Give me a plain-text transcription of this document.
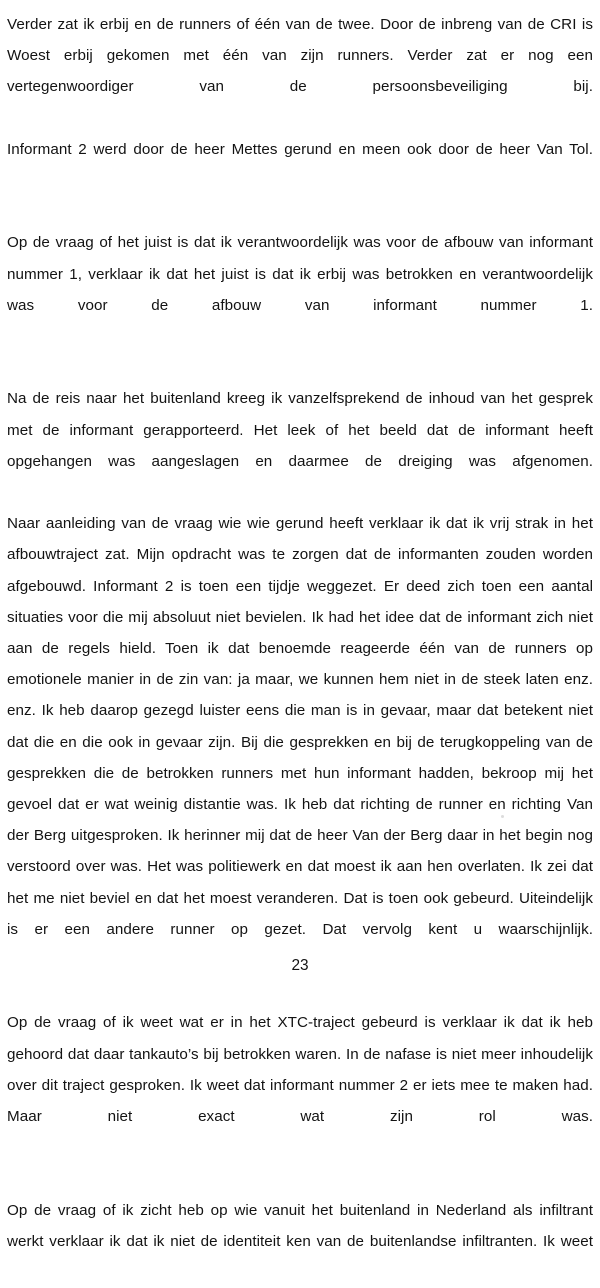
Verder zat ik erbij en de runners of één van de twee. Door de inbreng van de CRI is Woest erbij gekomen met één van zijn runners. Verder zat er nog een vertegenwoordiger van de persoonsbeveiliging bij.

Informant 2 werd door de heer Mettes gerund en meen ook door de heer Van Tol.

Op de vraag of het juist is dat ik verantwoordelijk was voor de afbouw van informant nummer 1, verklaar ik dat het juist is dat ik erbij was betrokken en verantwoordelijk was voor de afbouw van informant nummer 1.

Na de reis naar het buitenland kreeg ik vanzelfsprekend de inhoud van het gesprek met de informant gerapporteerd. Het leek of het beeld dat de informant heeft opgehangen was aangeslagen en daarmee de dreiging was afgenomen.

Naar aanleiding van de vraag wie wie gerund heeft verklaar ik dat ik vrij strak in het afbouwtraject zat. Mijn opdracht was te zorgen dat de informanten zouden worden afgebouwd. Informant 2 is toen een tijdje weggezet. Er deed zich toen een aantal situaties voor die mij absoluut niet bevielen. Ik had het idee dat de informant zich niet aan de regels hield. Toen ik dat benoemde reageerde één van de runners op emotionele manier in de zin van: ja maar, we kunnen hem niet in de steek laten enz. enz. Ik heb daarop gezegd luister eens die man is in gevaar, maar dat betekent niet dat die en die ook in gevaar zijn. Bij die gesprekken en bij de terugkoppeling van de gesprekken die de betrokken runners met hun informant hadden, bekroop mij het gevoel dat er wat weinig distantie was. Ik heb dat richting de runner en richting Van der Berg uitgesproken. Ik herinner mij dat de heer Van der Berg daar in het begin nog verstoord over was. Het was politiewerk en dat moest ik aan hen overlaten. Ik zei dat het me niet beviel en dat het moest veranderen. Dat is toen ook gebeurd. Uiteindelijk is er een andere runner op gezet. Dat vervolg kent u waarschijnlijk.

Op de vraag of ik weet wat er in het XTC-traject gebeurd is verklaar ik dat ik heb gehoord dat daar tankauto’s bij betrokken waren. In de nafase is niet meer inhoudelijk over dit traject gesproken. Ik weet dat informant nummer 2 er iets mee te maken had. Maar niet exact wat zijn rol was.

Op de vraag of ik zicht heb op wie vanuit het buitenland in Nederland als infiltrant werkt verklaar ik dat ik niet de identiteit ken van de buitenlandse infiltranten. Ik weet

23
